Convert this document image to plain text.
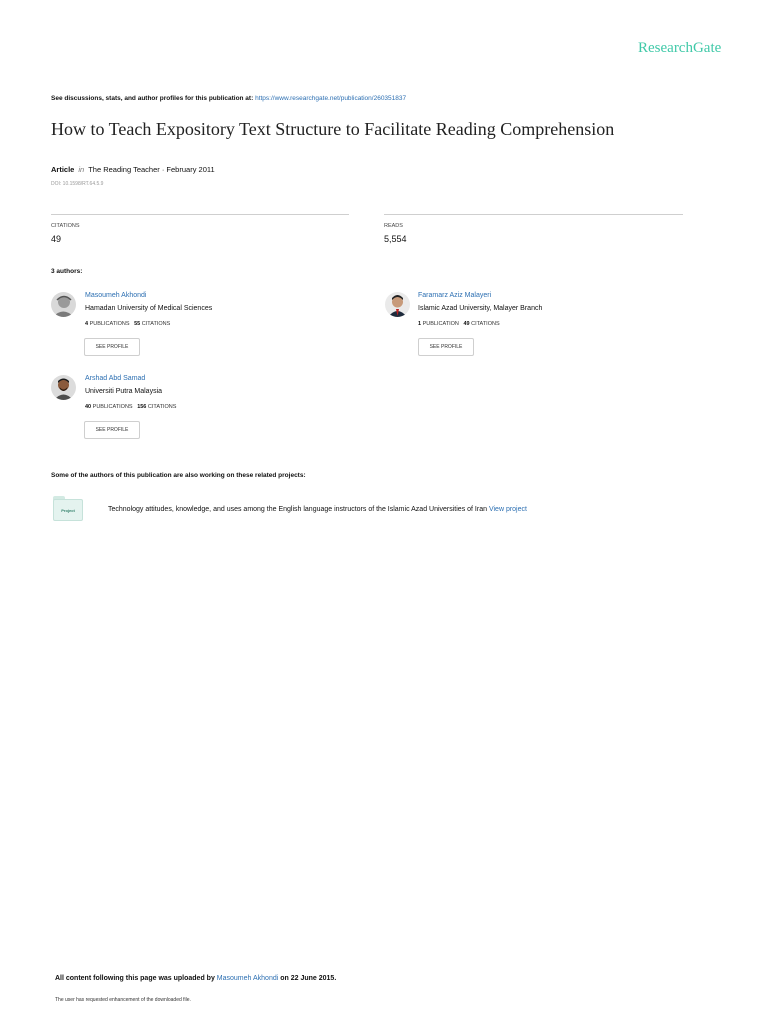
ResearchGate
See discussions, stats, and author profiles for this publication at: https://www.researchgate.net/publication/260351837
How to Teach Expository Text Structure to Facilitate Reading Comprehension
Article in The Reading Teacher · February 2011
DOI: 10.1598/RT.64.5.9
CITATIONS
49
READS
5,554
3 authors:
Masoumeh Akhondi
Hamadan University of Medical Sciences
4 PUBLICATIONS 55 CITATIONS
SEE PROFILE
Faramarz Aziz Malayeri
Islamic Azad University, Malayer Branch
1 PUBLICATION 49 CITATIONS
SEE PROFILE
Arshad Abd Samad
Universiti Putra Malaysia
40 PUBLICATIONS 156 CITATIONS
SEE PROFILE
Some of the authors of this publication are also working on these related projects:
Project	Technology attitudes, knowledge, and uses among the English language instructors of the Islamic Azad Universities of Iran View project
All content following this page was uploaded by Masoumeh Akhondi on 22 June 2015.
The user has requested enhancement of the downloaded file.
